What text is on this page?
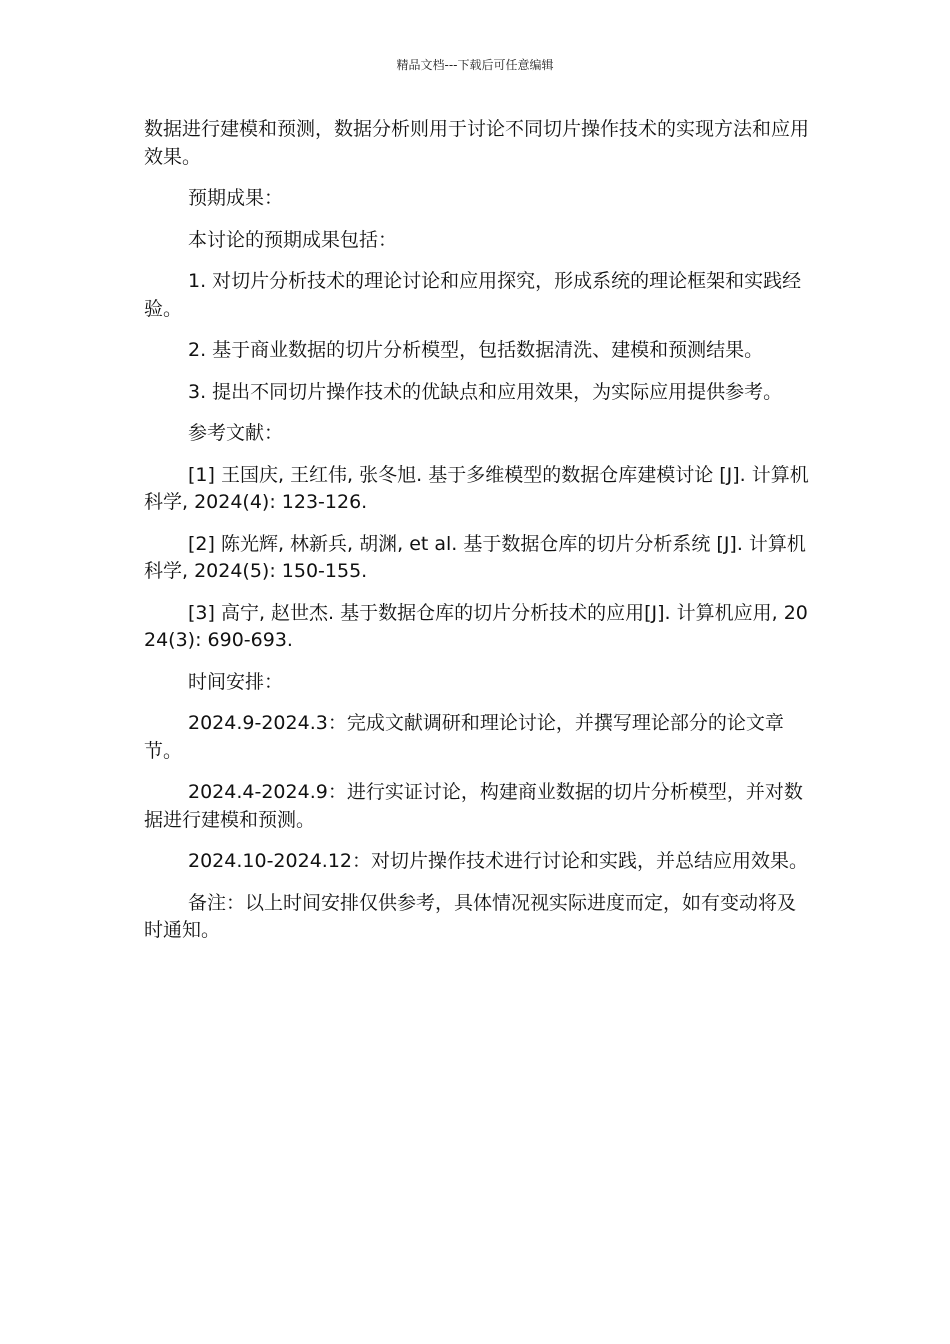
精品文档---下载后可任意编辑

数据进行建模和预测，数据分析则用于讨论不同切片操作技术的实现方法和应用效果。

预期成果：

本讨论的预期成果包括：

1. 对切片分析技术的理论讨论和应用探究，形成系统的理论框架和实践经验。

2. 基于商业数据的切片分析模型，包括数据清洗、建模和预测结果。

3. 提出不同切片操作技术的优缺点和应用效果，为实际应用提供参考。

参考文献：

[1] 王国庆, 王红伟, 张冬旭. 基于多维模型的数据仓库建模讨论 [J]. 计算机科学, 2024(4): 123-126.

[2] 陈光辉, 林新兵, 胡渊, et al. 基于数据仓库的切片分析系统 [J]. 计算机科学, 2024(5): 150-155.

[3] 高宁, 赵世杰. 基于数据仓库的切片分析技术的应用[J]. 计算机应用, 2024(3): 690-693.

时间安排：

2024.9-2024.3：完成文献调研和理论讨论，并撰写理论部分的论文章节。

2024.4-2024.9：进行实证讨论，构建商业数据的切片分析模型，并对数据进行建模和预测。

2024.10-2024.12：对切片操作技术进行讨论和实践，并总结应用效果。

备注：以上时间安排仅供参考，具体情况视实际进度而定，如有变动将及时通知。
